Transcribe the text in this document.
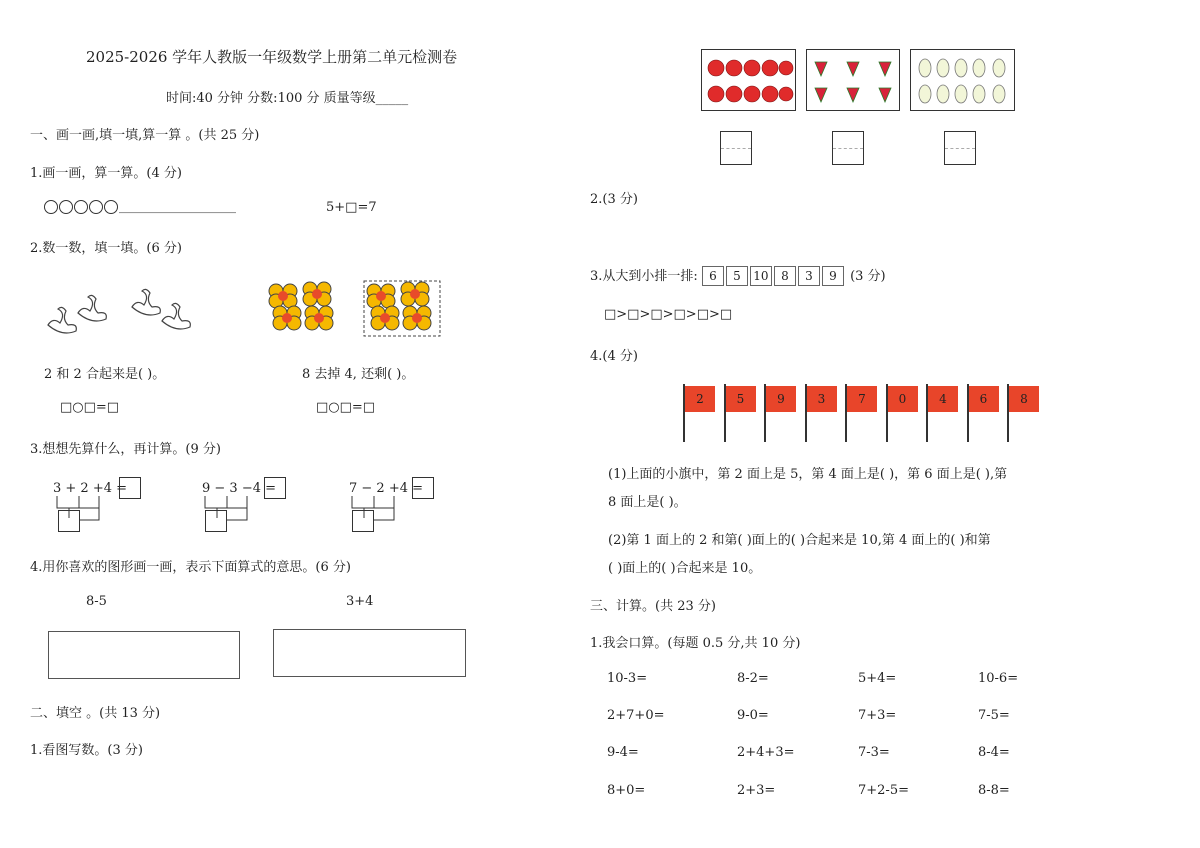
2025-2026 学年人教版一年级数学上册第二单元检测卷
时间:40 分钟 分数:100 分 质量等级_____
一、画一画,填一填,算一算 。(共 25 分)
1.画一画，算一算。(4 分)
__________________	5+□=7
2.数一数，填一填。(6 分)
2 和 2 合起来是( )。	8 去掉 4, 还剩( )。
□○□=□	□○□=□
3.想想先算什么，再计算。(9 分)
3 + 2 +4 =	9 − 3 −4 =	7 − 2 +4 =
4.用你喜欢的图形画一画，表示下面算式的意思。(6 分)
8-5	3+4
二、填空 。(共 13 分)
1.看图写数。(3 分)
2.(3 分)
3.从大到小排一排: 6 5 10 8 3 9 (3 分)
□>□>□>□>□>□
4.(4 分)
2	5	9	3	7	0	4	6	8
(1)上面的小旗中，第 2 面上是 5，第 4 面上是( )，第 6 面上是( ),第
8 面上是( )。
(2)第 1 面上的 2 和第( )面上的( )合起来是 10,第 4 面上的( )和第
( )面上的( )合起来是 10。
三、计算。(共 23 分)
1.我会口算。(每题 0.5 分,共 10 分)
10-3=	8-2=	5+4=	10-6=
2+7+0=	9-0=	7+3=	7-5=
9-4=	2+4+3=	7-3=	8-4=
8+0=	2+3=	7+2-5=	8-8=
